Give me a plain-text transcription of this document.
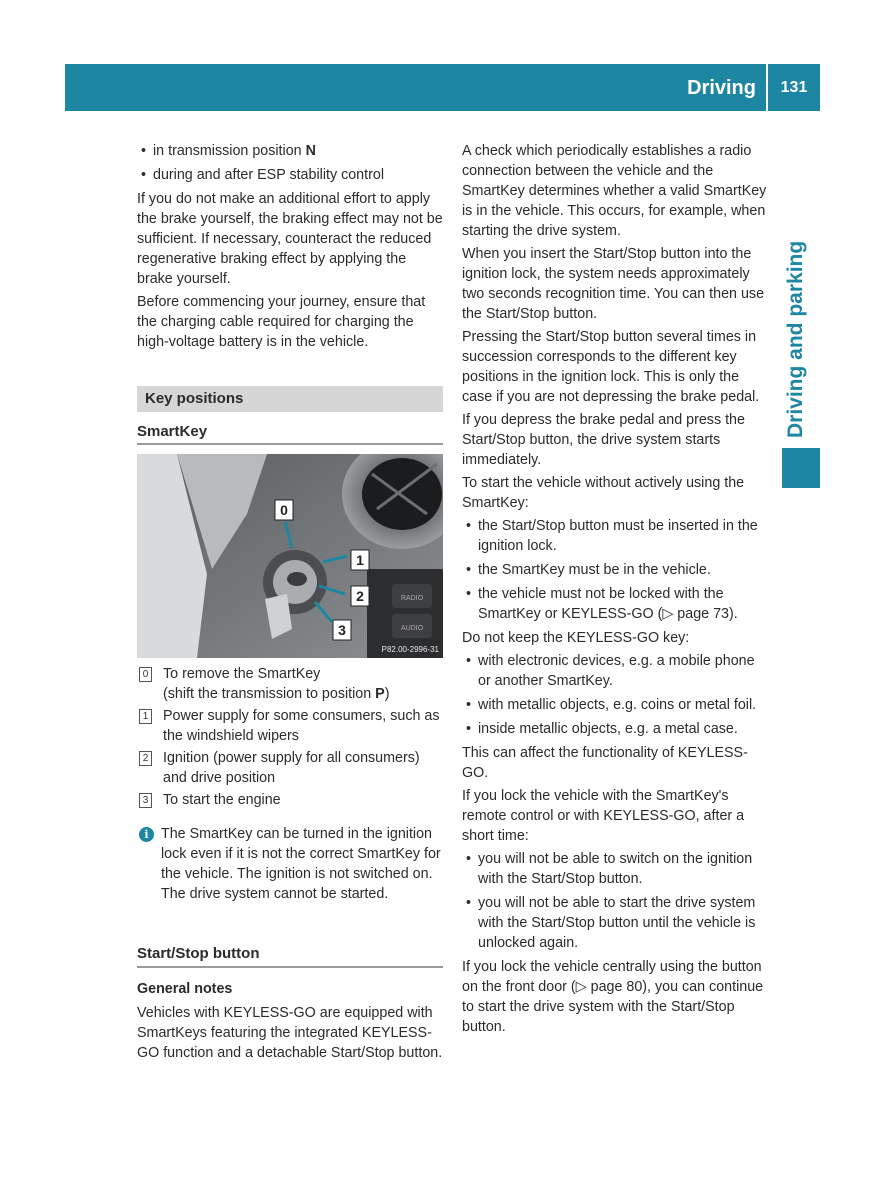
Driving	131
Driving and parking
• in transmission position N
• during and after ESP stability control

If you do not make an additional effort to apply the brake yourself, the braking effect may not be sufficient. If necessary, counteract the reduced regenerative braking effect by applying the brake yourself.

Before commencing your journey, ensure that the charging cable required for charging the high-voltage battery is in the vehicle.

Key positions
SmartKey
RADIO
AUDIO
0
1
2
3
P82.00-2996-31
0 To remove the SmartKey
(shift the transmission to position P)
1 Power supply for some consumers, such as the windshield wipers
2 Ignition (power supply for all consumers) and drive position
3 To start the engine
i The SmartKey can be turned in the ignition lock even if it is not the correct SmartKey for the vehicle. The ignition is not switched on. The drive system cannot be started.
Start/Stop button
General notes
Vehicles with KEYLESS-GO are equipped with SmartKeys featuring the integrated KEYLESS-GO function and a detachable Start/Stop button.

A check which periodically establishes a radio connection between the vehicle and the SmartKey determines whether a valid SmartKey is in the vehicle. This occurs, for example, when starting the drive system.

When you insert the Start/Stop button into the ignition lock, the system needs approximately two seconds recognition time. You can then use the Start/Stop button.

Pressing the Start/Stop button several times in succession corresponds to the different key positions in the ignition lock. This is only the case if you are not depressing the brake pedal.

If you depress the brake pedal and press the Start/Stop button, the drive system starts immediately.

To start the vehicle without actively using the SmartKey:

• the Start/Stop button must be inserted in the ignition lock.
• the SmartKey must be in the vehicle.
• the vehicle must not be locked with the SmartKey or KEYLESS-GO (▷ page 73).

Do not keep the KEYLESS-GO key:

• with electronic devices, e.g. a mobile phone or another SmartKey.
• with metallic objects, e.g. coins or metal foil.
• inside metallic objects, e.g. a metal case.

This can affect the functionality of KEYLESS-GO.

If you lock the vehicle with the SmartKey's remote control or with KEYLESS-GO, after a short time:

• you will not be able to switch on the ignition with the Start/Stop button.
• you will not be able to start the drive system with the Start/Stop button until the vehicle is unlocked again.

If you lock the vehicle centrally using the button on the front door (▷ page 80), you can continue to start the drive system with the Start/Stop button.
